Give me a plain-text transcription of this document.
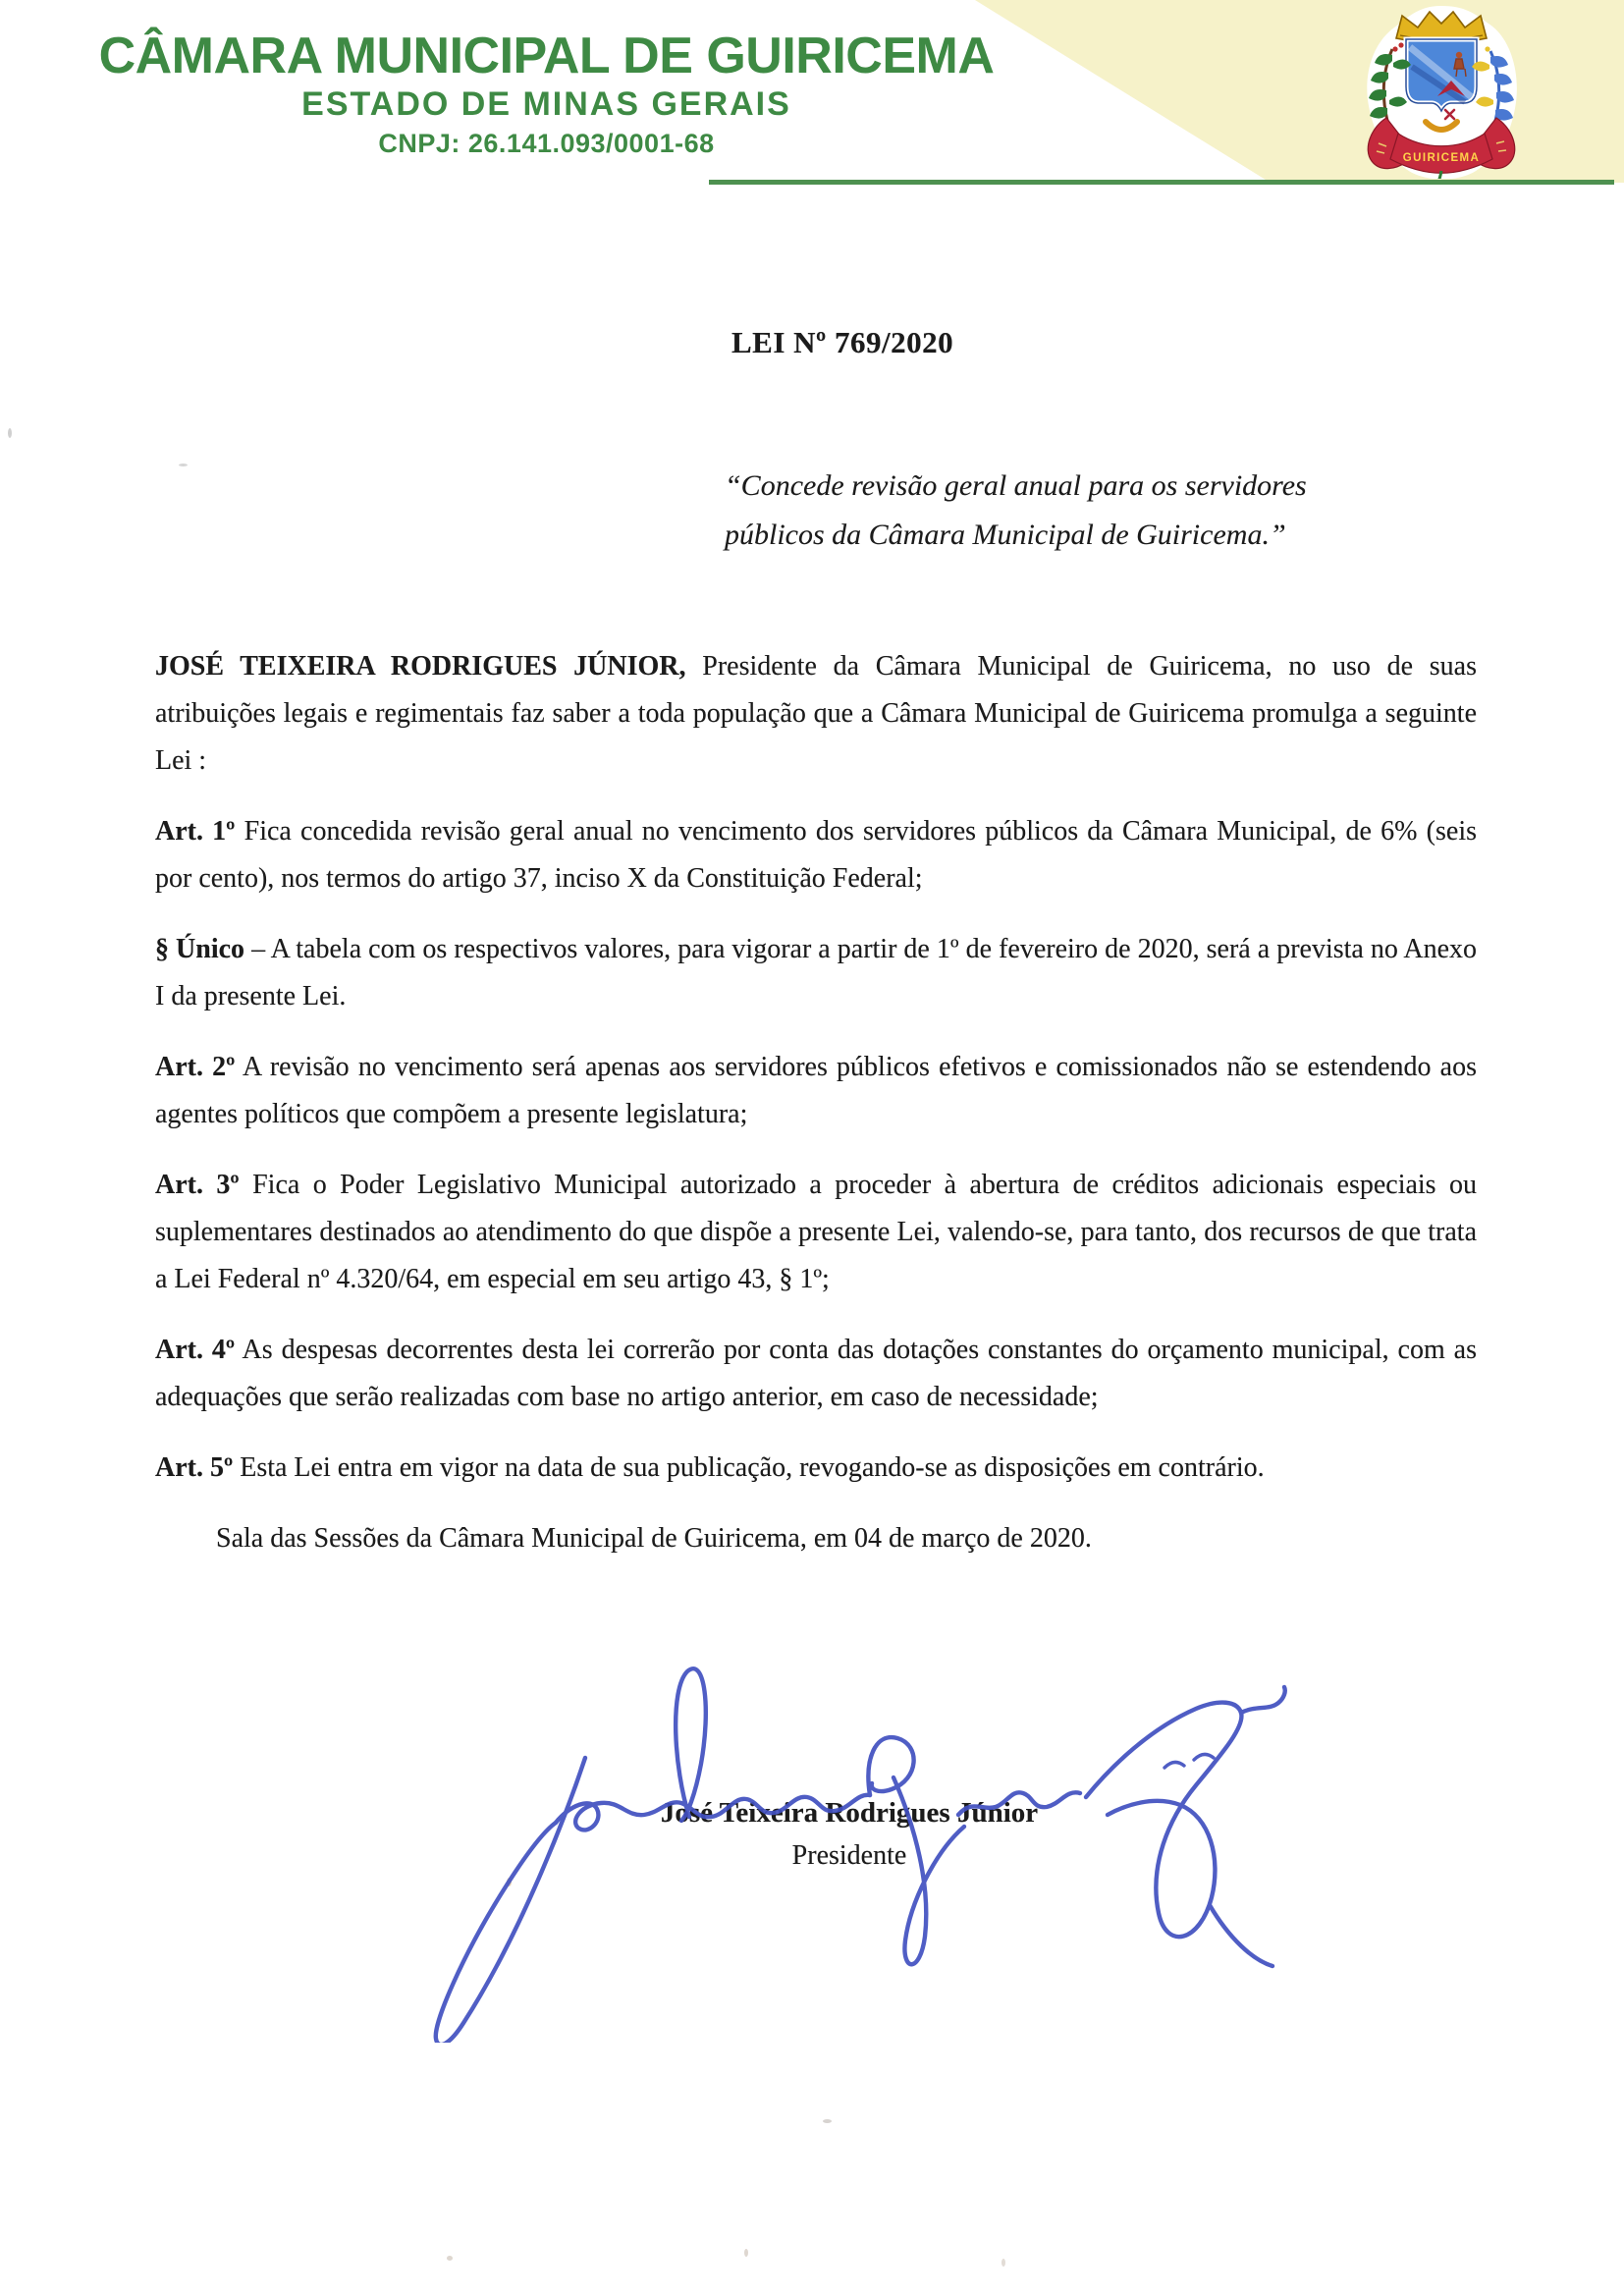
CÂMARA MUNICIPAL DE GUIRICEMA
ESTADO DE MINAS GERAIS
CNPJ: 26.141.093/0001-68	GUIRICEMA
LEI Nº 769/2020
“Concede revisão geral anual para os servidores
públicos da Câmara Municipal de Guiricema.”

JOSÉ TEIXEIRA RODRIGUES JÚNIOR, Presidente da Câmara Municipal de Guiricema, no uso de suas atribuições legais e regimentais faz saber a toda população que a Câmara Municipal de Guiricema promulga a seguinte Lei :

Art. 1º Fica concedida revisão geral anual no vencimento dos servidores públicos da Câmara Municipal, de 6% (seis por cento), nos termos do artigo 37, inciso X da Constituição Federal;

§ Único – A tabela com os respectivos valores, para vigorar a partir de 1º de fevereiro de 2020, será a prevista no Anexo I da presente Lei.

Art. 2º A revisão no vencimento será apenas aos servidores públicos efetivos e comissionados não se estendendo aos agentes políticos que compõem a presente legislatura;

Art. 3º Fica o Poder Legislativo Municipal autorizado a proceder à abertura de créditos adicionais especiais ou suplementares destinados ao atendimento do que dispõe a presente Lei, valendo-se, para tanto, dos recursos de que trata a Lei Federal nº 4.320/64, em especial em seu artigo 43, § 1º;

Art. 4º As despesas decorrentes desta lei correrão por conta das dotações constantes do orçamento municipal, com as adequações que serão realizadas com base no artigo anterior, em caso de necessidade;

Art. 5º Esta Lei entra em vigor na data de sua publicação, revogando-se as disposições em contrário.

Sala das Sessões da Câmara Municipal de Guiricema, em 04 de março de 2020.

José Teixeira Rodrigues Júnior
Presidente
